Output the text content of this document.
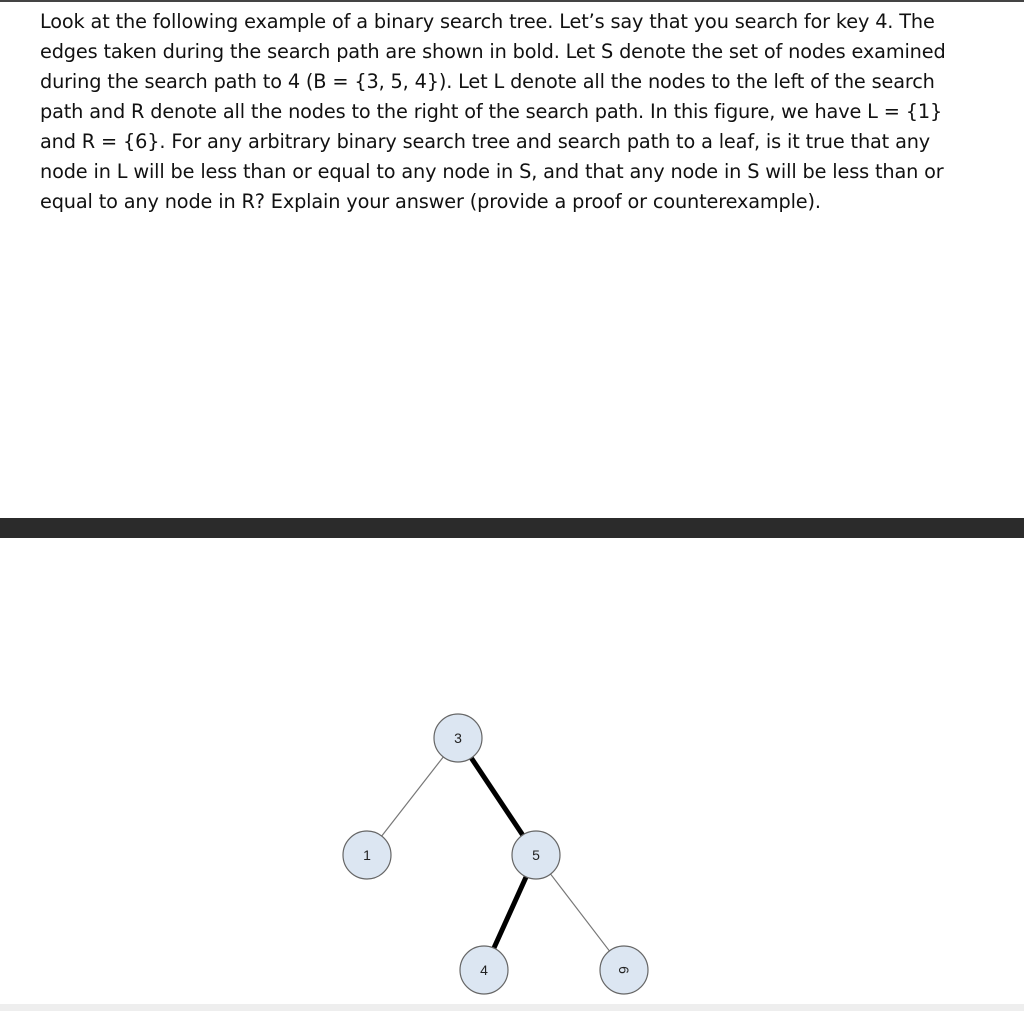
Look at the following example of a binary search tree. Let’s say that you search for key 4. The
edges taken during the search path are shown in bold. Let S denote the set of nodes examined
during the search path to 4 (B = {3, 5, 4}). Let L denote all the nodes to the left of the search
path and R denote all the nodes to the right of the search path. In this figure, we have L = {1}
and R = {6}. For any arbitrary binary search tree and search path to a leaf, is it true that any
node in L will be less than or equal to any node in S, and that any node in S will be less than or
equal to any node in R? Explain your answer (provide a proof or counterexample).
3
1	5
4	6
